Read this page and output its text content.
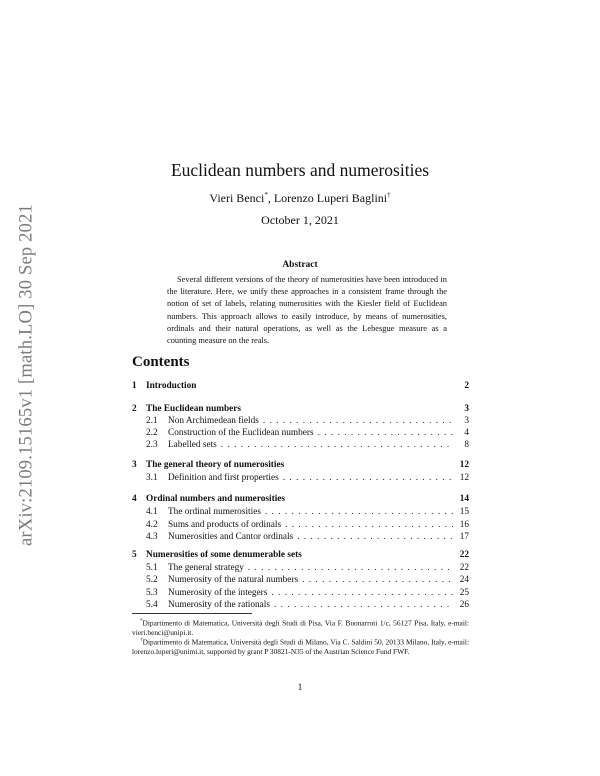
arXiv:2109.15165v1 [math.LO] 30 Sep 2021
Euclidean numbers and numerosities
Vieri Benci*, Lorenzo Luperi Baglini†
October 1, 2021
Abstract
Several different versions of the theory of numerosities have been introduced in the literature. Here, we unify these approaches in a consistent frame through the notion of set of labels, relating numerosities with the Kiesler field of Euclidean numbers. This approach allows to easily introduce, by means of numerosities, ordinals and their natural operations, as well as the Lebesgue measure as a counting measure on the reals.
Contents
1	Introduction	2
2	The Euclidean numbers	3
2.1	Non Archimedean fields . . .	3
2.2	Construction of the Euclidean numbers . . .	4
2.3	Labelled sets . . .	8
3	The general theory of numerosities	12
3.1	Definition and first properties . . .	12
4	Ordinal numbers and numerosities	14
4.1	The ordinal numerosities . . .	15
4.2	Sums and products of ordinals . . .	16
4.3	Numerosities and Cantor ordinals . . .	17
5	Numerosities of some denumerable sets	22
5.1	The general strategy . . .	22
5.2	Numerosity of the natural numbers . . .	24
5.3	Numerosity of the integers . . .	25
5.4	Numerosity of the rationals . . .	26
*Dipartimento di Matematica, Università degli Studi di Pisa, Via F. Buonarroti 1/c, 56127 Pisa, Italy, e-mail: vieri.benci@unipi.it.
†Dipartimento di Matematica, Università degli Studi di Milano, Via C. Saldini 50, 20133 Milano, Italy, e-mail: lorenzo.luperi@unimi.it, supported by grant P 30821-N35 of the Austrian Science Fund FWF.
1
